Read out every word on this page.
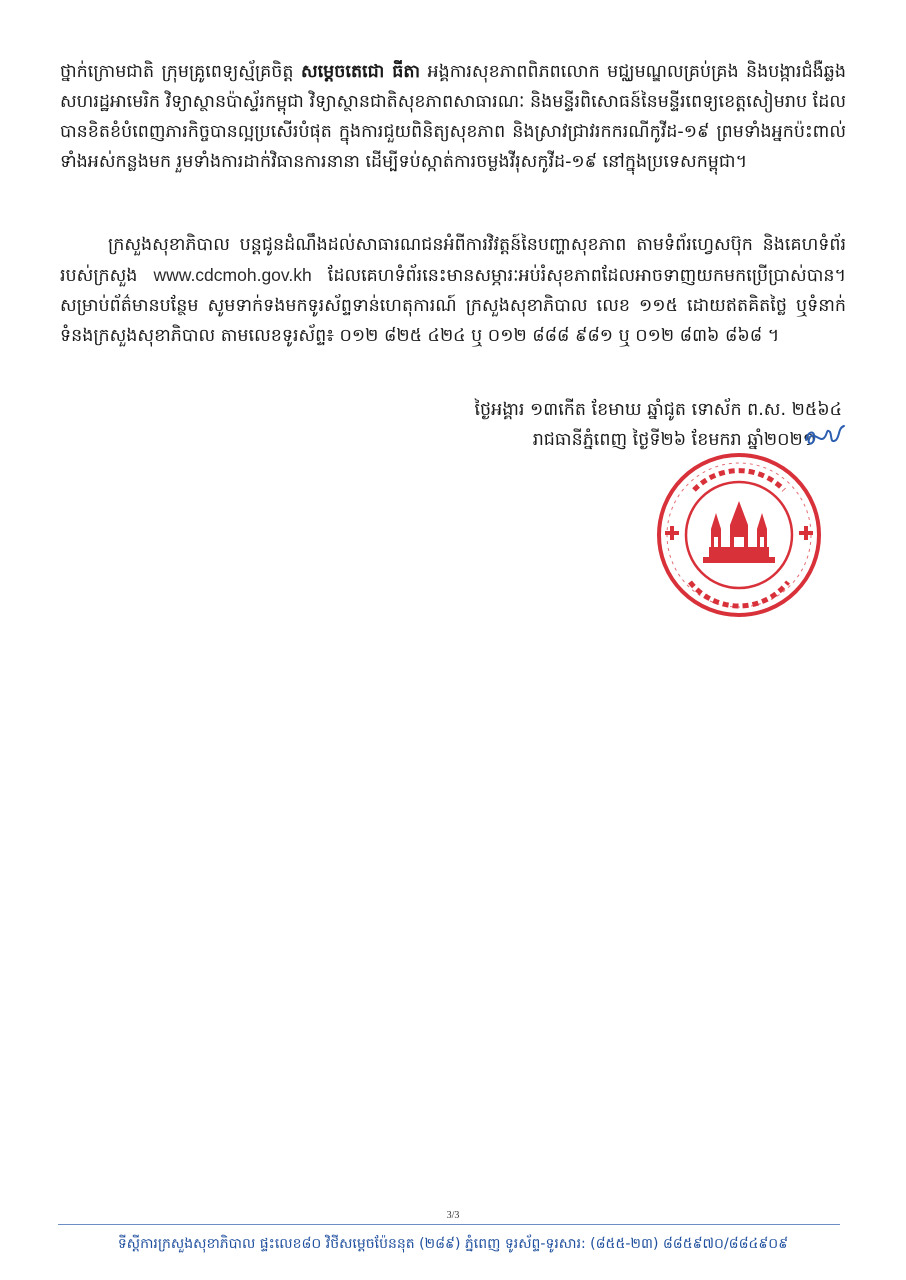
ថ្នាក់ក្រោមជាតិ ក្រុមគ្រូពេទ្យស្ម័គ្រចិត្ត សម្ដេចតេជោ ធីតា អង្គការសុខភាពពិភពលោក មជ្ឈមណ្ឌលគ្រប់គ្រង និងបង្ការជំងឺឆ្លងសហរដ្ឋអាមេរិក វិទ្យាស្ថានប៉ាស្ទ័រកម្ពុជា វិទ្យាស្ថានជាតិសុខភាពសាធារណៈ និងមន្ទីរពិសោធន៍នៃមន្ទីរពេទ្យខេត្តសៀមរាប ដែលបានខិតខំបំពេញភារកិច្ចបានល្អប្រសើរបំផុត ក្នុងការជួយពិនិត្យសុខភាព និងស្រាវជ្រាវរកករណីកូវីដ-១៩ ព្រមទាំងអ្នកប៉ះពាល់ទាំងអស់កន្លងមក រួមទាំងការដាក់វិធានការនានា ដើម្បីទប់ស្កាត់ការចម្លងវីរុសកូវីដ-១៩ នៅក្នុងប្រទេសកម្ពុជា។
ក្រសួងសុខាភិបាល បន្តជូនដំណឹងដល់សាធារណជនអំពីការវិវត្តន៍នៃបញ្ហាសុខភាព តាមទំព័រហ្វេសប៊ុក និងគេហទំព័ររបស់ក្រសួង www.cdcmoh.gov.kh ដែលគេហទំព័រនេះមានសម្ភារៈអប់រំសុខភាពដែលអាចទាញយកមកប្រើប្រាស់បាន។ សម្រាប់ព័ត៌មានបន្ថែម សូមទាក់ទងមកទូរស័ព្ទទាន់ហេតុការណ៍ ក្រសួងសុខាភិបាល លេខ ១១៥ ដោយឥតគិតថ្លៃ ឬទំនាក់ទំនងក្រសួងសុខាភិបាល តាមលេខទូរស័ព្ទ៖ ០១២ ៨២៥ ៤២៤ ឬ ០១២ ៨៨៨ ៩៨១ ឬ ០១២ ៨៣៦ ៨៦៨ ។
ថ្ងៃអង្គារ ១៣កើត ខែមាឃ ឆ្នាំជូត ទោស័ក ព.ស. ២៥៦៤
រាជធានីភ្នំពេញ ថ្ងៃទី២៦ ខែមករា ឆ្នាំ២០២១
3/3
ទីស្ដីការក្រសួងសុខាភិបាល ផ្ទះលេខ៨០ វិថីសម្ដេចប៉ែននុត (២៨៩) ភ្នំពេញ ទូរស័ព្ទ-ទូរសារ: (៨៥៥-២៣) ៨៨៥៩៧០/៨៨៤៩០៩
